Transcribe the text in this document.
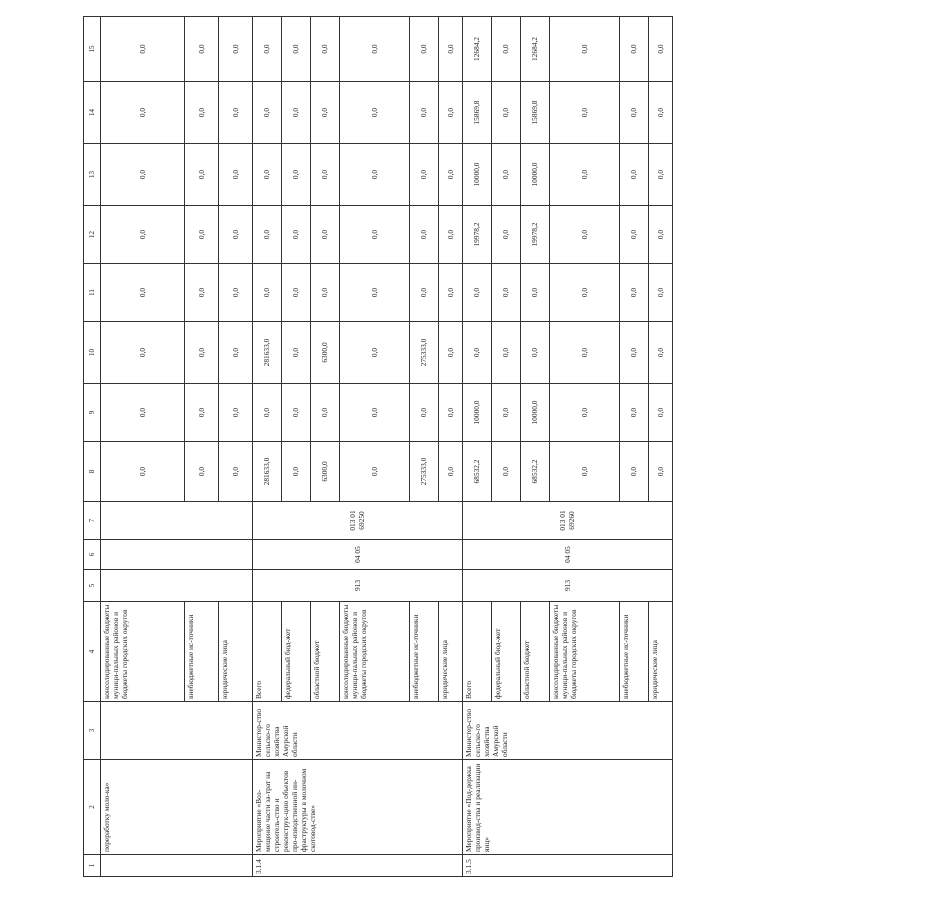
1	2	3	4	5	6	7	8	9	10	11	12	13	14	15
	переработку моло-ка»		консолидированные бюджеты муници-пальных районов и бюджеты городских округов				0,0	0,0	0,0	0,0	0,0	0,0	0,0	0,0
			внебюджетные ис-точники				0,0	0,0	0,0	0,0	0,0	0,0	0,0	0,0
			юридические лица				0,0	0,0	0,0	0,0	0,0	0,0	0,0	0,0
3.1.4	Мероприятие «Воз-мещение части за-трат на строитель-ство и реконструк-цию объектов про-изводственной ин-фраструктуры в молочном скотовод-стве»	Министер-ство сельско-го хозяйства Амурской области	Всего	913	04 05	013 01 69250	281633,0	0,0	281633,0	0,0	0,0	0,0	0,0	0,0
			федеральный бюд-жет				0,0	0,0	0,0	0,0	0,0	0,0	0,0	0,0
			областной бюджет				6300,0	0,0	6300,0	0,0	0,0	0,0	0,0	0,0
			консолидированные бюджеты муници-пальных районов и бюджеты городских округов				0,0	0,0	0,0	0,0	0,0	0,0	0,0	0,0
			внебюджетные ис-точники				275333,0	0,0	275333,0	0,0	0,0	0,0	0,0	0,0
			юридические лица				0,0	0,0	0,0	0,0	0,0	0,0	0,0	0,0
3.1.5	Мероприятие «Под-держка производ-ства и реализации яиц»	Министер-ство сельско-го хозяйства Амурской области	Всего	913	04 05	013 01 69260	68532,2	10000,0	0,0	0,0	19978,2	10000,0	15869,8	12684,2
			федеральный бюд-жет				0,0	0,0	0,0	0,0	0,0	0,0	0,0	0,0
			областной бюджет				68532,2	10000,0	0,0	0,0	19978,2	10000,0	15869,8	12684,2
			консолидированные бюджеты муници-пальных районов и бюджеты городских округов				0,0	0,0	0,0	0,0	0,0	0,0	0,0	0,0
			внебюджетные ис-точники				0,0	0,0	0,0	0,0	0,0	0,0	0,0	0,0
			юридические лица				0,0	0,0	0,0	0,0	0,0	0,0	0,0	0,0
